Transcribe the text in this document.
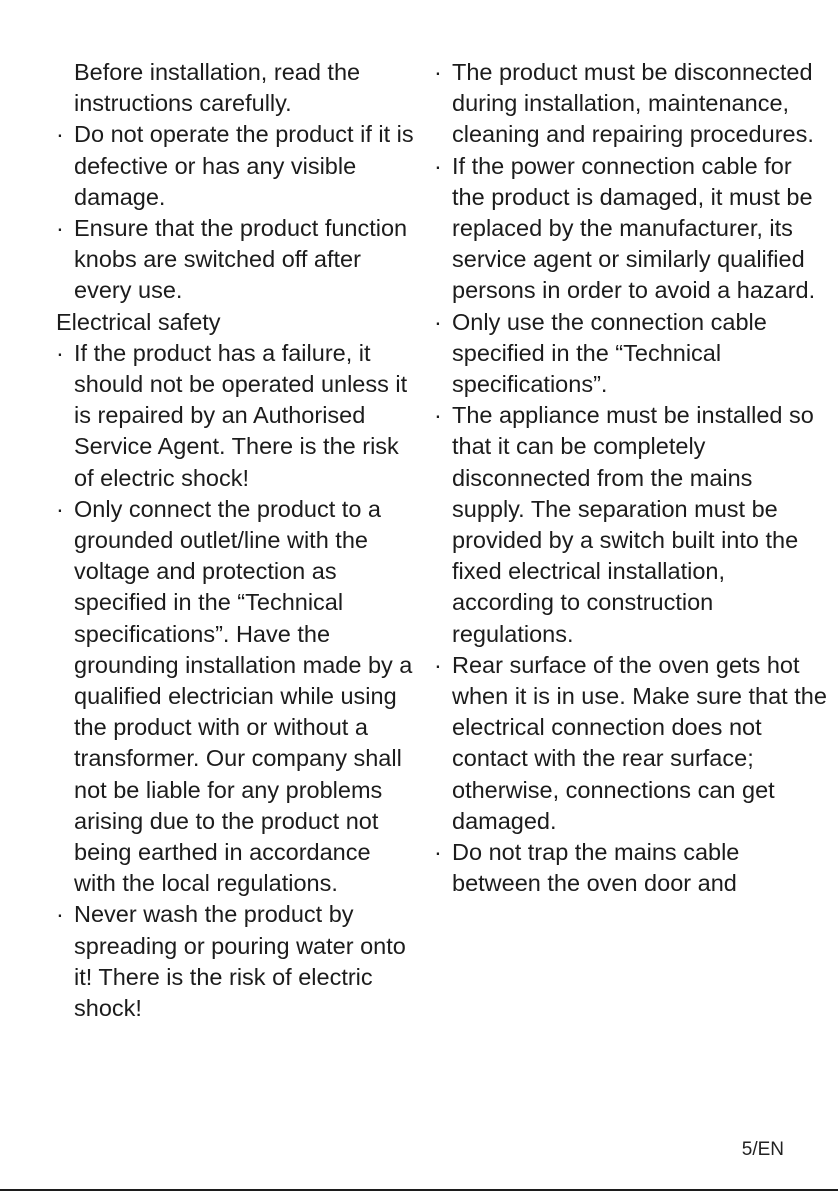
Before installation, read the instructions carefully.
· Do not operate the product if it is defective or has any visible damage.
· Ensure that the product function knobs are switched off after every use.
Electrical safety
· If the product has a failure, it should not be operated unless it is repaired by an Authorised Service Agent. There is the risk of electric shock!
· Only connect the product to a grounded outlet/line with the voltage and protection as specified in the “Technical specifications”. Have the grounding installation made by a qualified electrician while using the product with or without a transformer. Our company shall not be liable for any problems arising due to the product not being earthed in accordance with the local regulations.
· Never wash the product by spreading or pouring water onto it! There is the risk of electric shock!
· The product must be disconnected during installation, maintenance, cleaning and repairing procedures.
· If the power connection cable for the product is damaged, it must be replaced by the manufacturer, its service agent or similarly qualified persons in order to avoid a hazard.
· Only use the connection cable specified in the “Technical specifications”.
· The appliance must be installed so that it can be completely disconnected from the mains supply. The separation must be provided by a switch built into the fixed electrical installation, according to construction regulations.
· Rear surface of the oven gets hot when it is in use. Make sure that the electrical connection does not contact with the rear surface; otherwise, connections can get damaged.
· Do not trap the mains cable between the oven door and
5/EN
